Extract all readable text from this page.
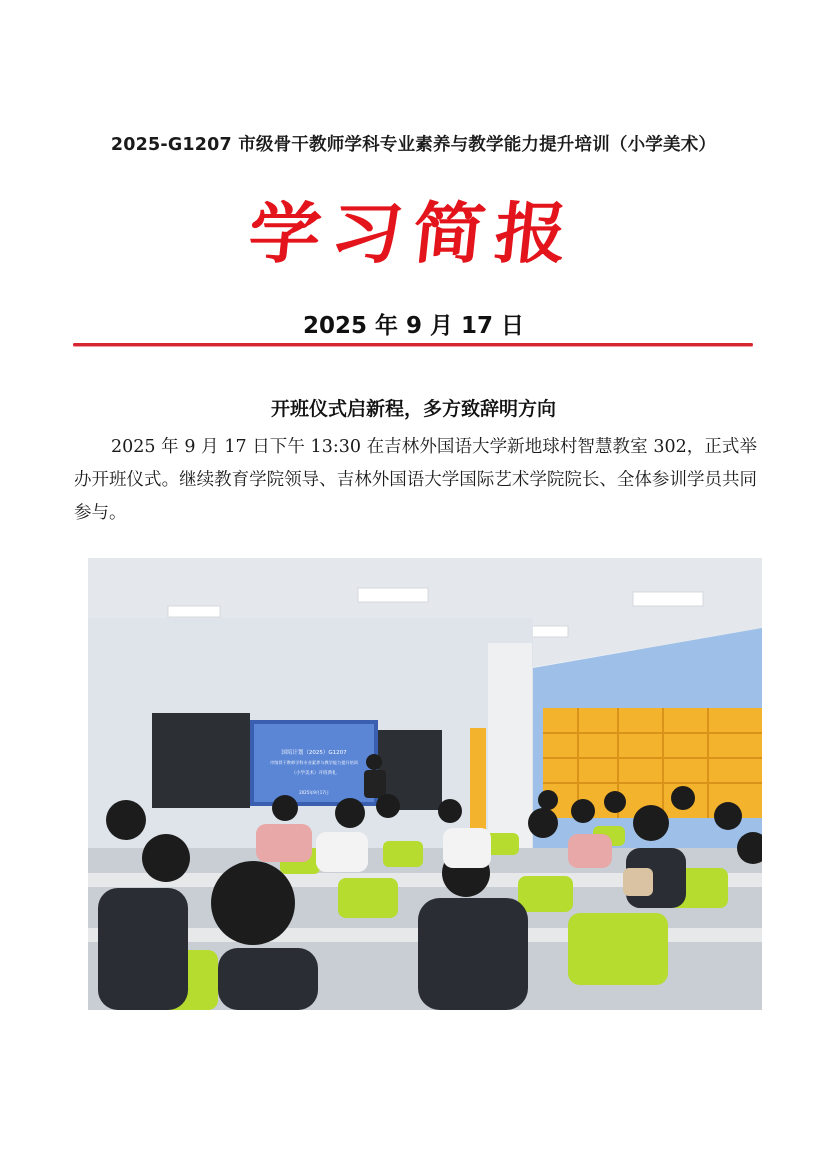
2025-G1207 市级骨干教师学科专业素养与教学能力提升培训（小学美术）
学习简报
2025 年 9 月 17 日
开班仪式启新程，多方致辞明方向

2025 年 9 月 17 日下午 13:30 在吉林外国语大学新地球村智慧教室 302，正式举办开班仪式。继续教育学院领导、吉林外国语大学国际艺术学院院长、全体参训学员共同参与。

国培计划（2025）G1207
市级骨干教师学科专业素养与教学能力提升培训
（小学美术）开班典礼
2025年9月17日
